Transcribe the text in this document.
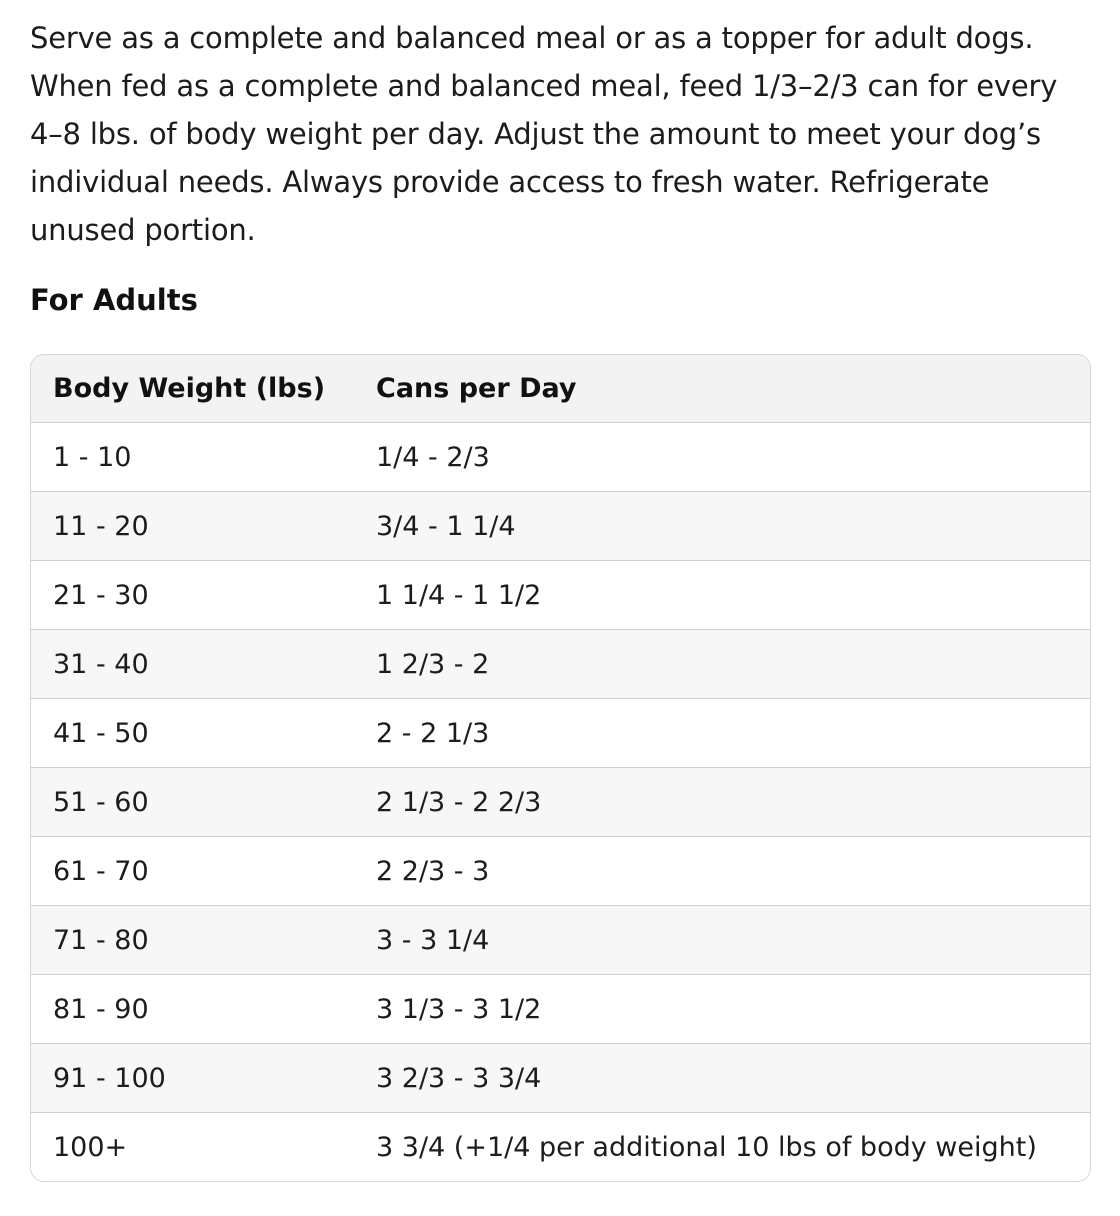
Serve as a complete and balanced meal or as a topper for adult dogs. When fed as a complete and balanced meal, feed 1/3–2/3 can for every 4–8 lbs. of body weight per day. Adjust the amount to meet your dog’s individual needs. Always provide access to fresh water. Refrigerate unused portion.

For Adults
Body Weight (lbs)	Cans per Day
1 - 10	1/4 - 2/3
11 - 20	3/4 - 1 1/4
21 - 30	1 1/4 - 1 1/2
31 - 40	1 2/3 - 2
41 - 50	2 - 2 1/3
51 - 60	2 1/3 - 2 2/3
61 - 70	2 2/3 - 3
71 - 80	3 - 3 1/4
81 - 90	3 1/3 - 3 1/2
91 - 100	3 2/3 - 3 3/4
100+	3 3/4 (+1/4 per additional 10 lbs of body weight)
